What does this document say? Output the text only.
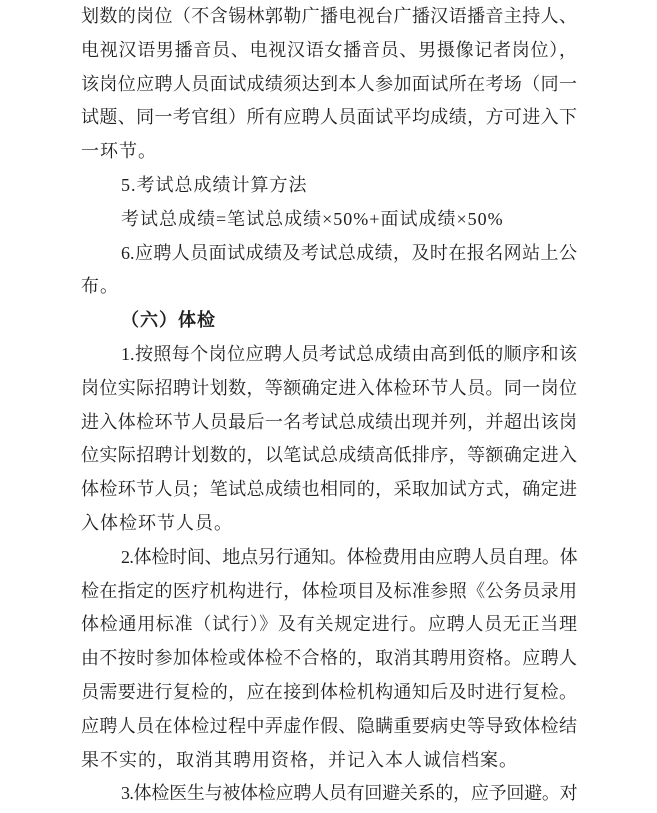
划数的岗位（不含锡林郭勒广播电视台广播汉语播音主持人、
电视汉语男播音员、电视汉语女播音员、男摄像记者岗位），
该岗位应聘人员面试成绩须达到本人参加面试所在考场（同一
试题、同一考官组）所有应聘人员面试平均成绩，方可进入下
一环节。
5.考试总成绩计算方法
考试总成绩=笔试总成绩×50%+面试成绩×50%
6.应聘人员面试成绩及考试总成绩，及时在报名网站上公
布。
（六）体检
1.按照每个岗位应聘人员考试总成绩由高到低的顺序和该
岗位实际招聘计划数，等额确定进入体检环节人员。同一岗位
进入体检环节人员最后一名考试总成绩出现并列，并超出该岗
位实际招聘计划数的，以笔试总成绩高低排序，等额确定进入
体检环节人员；笔试总成绩也相同的，采取加试方式，确定进
入体检环节人员。
2.体检时间、地点另行通知。体检费用由应聘人员自理。体
检在指定的医疗机构进行，体检项目及标准参照《公务员录用
体检通用标准（试行）》及有关规定进行。应聘人员无正当理
由不按时参加体检或体检不合格的，取消其聘用资格。应聘人
员需要进行复检的，应在接到体检机构通知后及时进行复检。
应聘人员在体检过程中弄虚作假、隐瞒重要病史等导致体检结
果不实的，取消其聘用资格，并记入本人诚信档案。
3.体检医生与被体检应聘人员有回避关系的，应予回避。对
